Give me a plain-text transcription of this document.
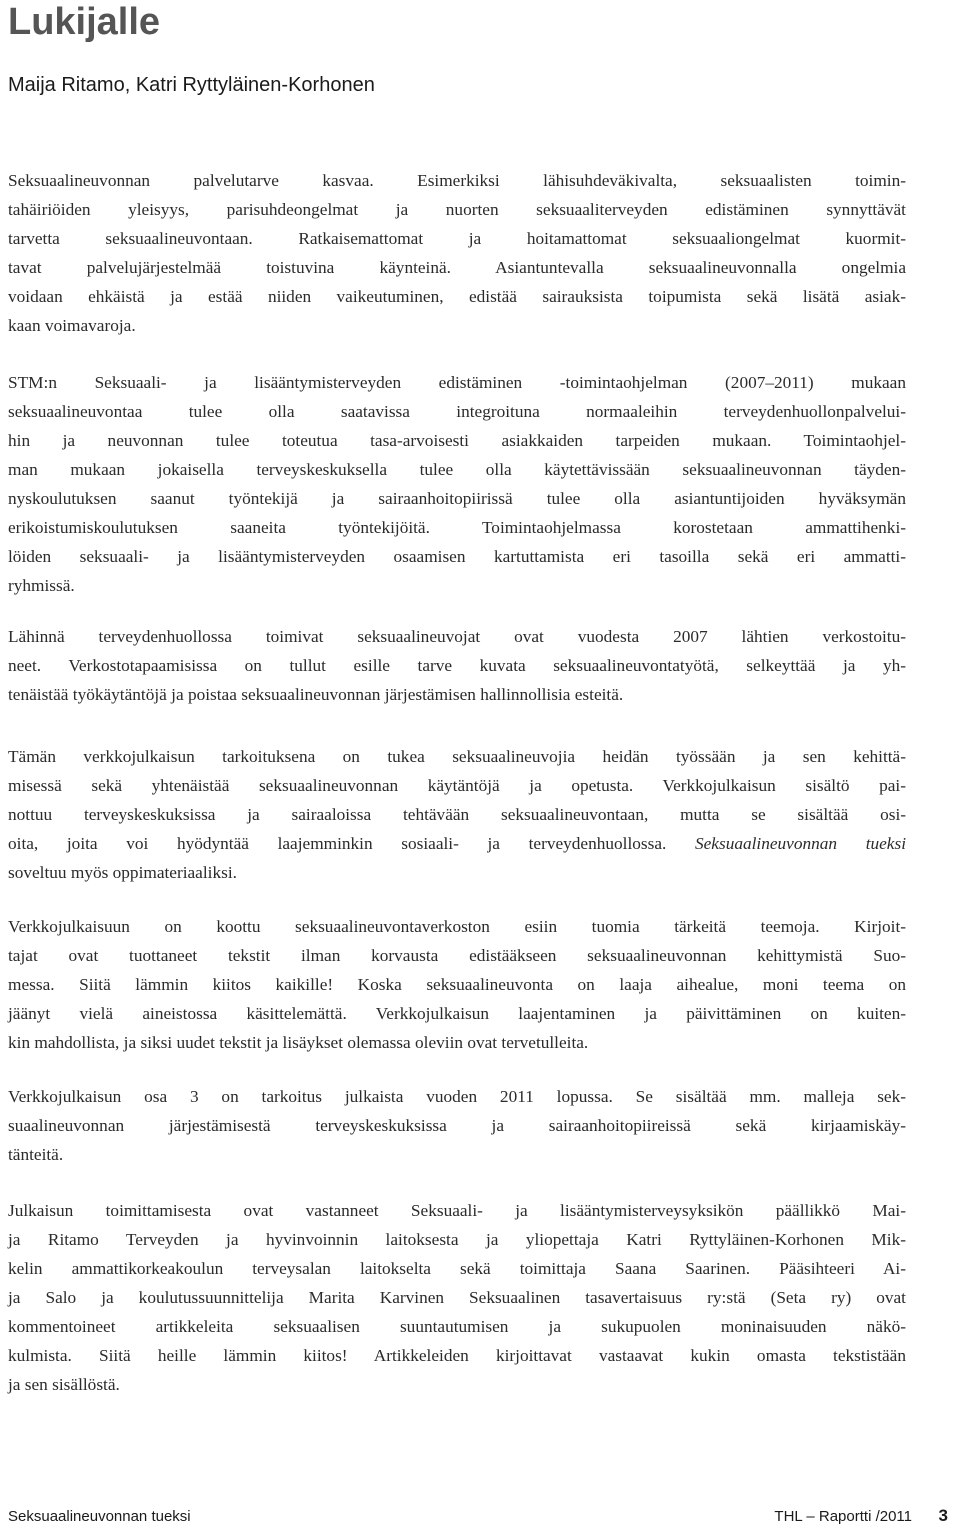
Lukijalle
Maija Ritamo, Katri Ryttyläinen-Korhonen
Seksuaalineuvonnan palvelutarve kasvaa. Esimerkiksi lähisuhdeväkivalta, seksuaalisten toimin-
tahäiriöiden yleisyys, parisuhdeongelmat ja nuorten seksuaaliterveyden edistäminen synnyttävät
tarvetta seksuaalineuvontaan. Ratkaisemattomat ja hoitamattomat seksuaaliongelmat kuormit-
tavat palvelujärjestelmää toistuvina käynteinä. Asiantuntevalla seksuaalineuvonnalla ongelmia
voidaan ehkäistä ja estää niiden vaikeutuminen, edistää sairauksista toipumista sekä lisätä asiak-
kaan voimavaroja.
STM:n Seksuaali- ja lisääntymisterveyden edistäminen -toimintaohjelman (2007–2011) mukaan
seksuaalineuvontaa tulee olla saatavissa integroituna normaaleihin terveydenhuollonpalvelui-
hin ja neuvonnan tulee toteutua tasa-arvoisesti asiakkaiden tarpeiden mukaan. Toimintaohjel-
man mukaan jokaisella terveyskeskuksella tulee olla käytettävissään seksuaalineuvonnan täyden-
nyskoulutuksen saanut työntekijä ja sairaanhoitopiirissä tulee olla asiantuntijoiden hyväksymän
erikoistumiskoulutuksen saaneita työntekijöitä. Toimintaohjelmassa korostetaan ammattihenki-
löiden seksuaali- ja lisääntymisterveyden osaamisen kartuttamista eri tasoilla sekä eri ammatti-
ryhmissä.
Lähinnä terveydenhuollossa toimivat seksuaalineuvojat ovat vuodesta 2007 lähtien verkostoitu-
neet. Verkostotapaamisissa on tullut esille tarve kuvata seksuaalineuvontatyötä, selkeyttää ja yh-
tenäistää työkäytäntöjä ja poistaa seksuaalineuvonnan järjestämisen hallinnollisia esteitä.
Tämän verkkojulkaisun tarkoituksena on tukea seksuaalineuvojia heidän työssään ja sen kehittä-
misessä sekä yhtenäistää seksuaalineuvonnan käytäntöjä ja opetusta. Verkkojulkaisun sisältö pai-
nottuu terveyskeskuksissa ja sairaaloissa tehtävään seksuaalineuvontaan, mutta se sisältää osi-
oita, joita voi hyödyntää laajemminkin sosiaali- ja terveydenhuollossa. Seksuaalineuvonnan tueksi
soveltuu myös oppimateriaaliksi.
Verkkojulkaisuun on koottu seksuaalineuvontaverkoston esiin tuomia tärkeitä teemoja. Kirjoit-
tajat ovat tuottaneet tekstit ilman korvausta edistääkseen seksuaalineuvonnan kehittymistä Suo-
messa. Siitä lämmin kiitos kaikille! Koska seksuaalineuvonta on laaja aihealue, moni teema on
jäänyt vielä aineistossa käsittelemättä. Verkkojulkaisun laajentaminen ja päivittäminen on kuiten-
kin mahdollista, ja siksi uudet tekstit ja lisäykset olemassa oleviin ovat tervetulleita.
Verkkojulkaisun osa 3 on tarkoitus julkaista vuoden 2011 lopussa. Se sisältää mm. malleja sek-
suaalineuvonnan järjestämisestä terveyskeskuksissa ja sairaanhoitopiireissä sekä kirjaamiskäy-
tänteitä.
Julkaisun toimittamisesta ovat vastanneet Seksuaali- ja lisääntymisterveysyksikön päällikkö Mai-
ja Ritamo Terveyden ja hyvinvoinnin laitoksesta ja yliopettaja Katri Ryttyläinen-Korhonen Mik-
kelin ammattikorkeakoulun terveysalan laitokselta sekä toimittaja Saana Saarinen. Pääsihteeri Ai-
ja Salo ja koulutussuunnittelija Marita Karvinen Seksuaalinen tasavertaisuus ry:stä (Seta ry) ovat
kommentoineet artikkeleita seksuaalisen suuntautumisen ja sukupuolen moninaisuuden näkö-
kulmista. Siitä heille lämmin kiitos! Artikkeleiden kirjoittavat vastaavat kukin omasta tekstistään
ja sen sisällöstä.
Seksuaalineuvonnan tueksi	THL – Raportti /2011 3
